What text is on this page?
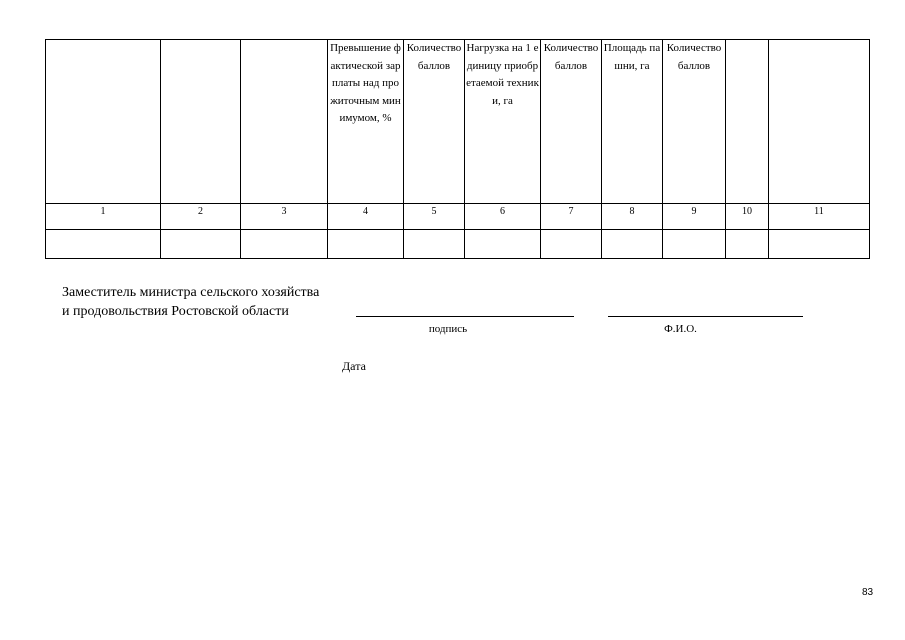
			Превышение фактической зарплаты над прожиточным минимумом, %	Количество баллов	Нагрузка на 1 единицу приобретаемой техники, га	Количество баллов	Площадь пашни, га	Количество баллов		
1	2	3	4	5	6	7	8	9	10	11

Заместитель министра сельского хозяйства
и продовольствия Ростовской области
подпись	Ф.И.О.
Дата
83
